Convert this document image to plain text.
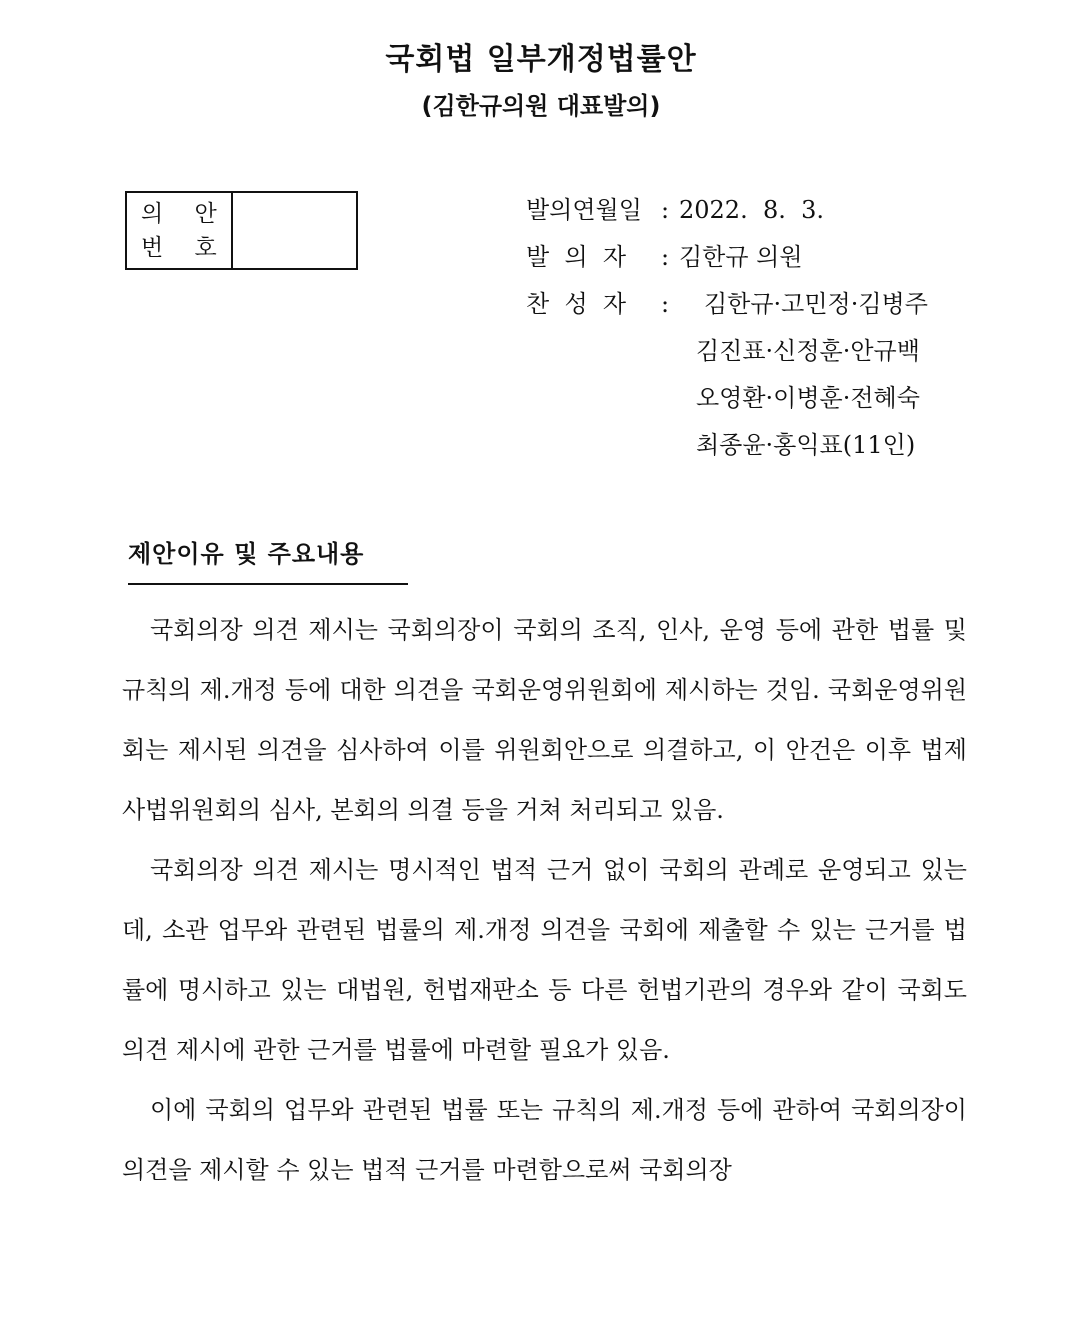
국회법 일부개정법률안
(김한규의원 대표발의)
의 안
번 호
발의연월일 : 2022.  8.  3.
발  의  자 : 김한규 의원
찬  성  자 :	김한규·고민정·김병주
김진표·신정훈·안규백
오영환·이병훈·전혜숙
최종윤·홍익표(11인)
제안이유 및 주요내용

국회의장 의견 제시는 국회의장이 국회의 조직, 인사, 운영 등에 관한 법률 및 규칙의 제.개정 등에 대한 의견을 국회운영위원회에 제시하는 것임. 국회운영위원회는 제시된 의견을 심사하여 이를 위원회안으로 의결하고, 이 안건은 이후 법제사법위원회의 심사, 본회의 의결 등을 거쳐 처리되고 있음.

국회의장 의견 제시는 명시적인 법적 근거 없이 국회의 관례로 운영되고 있는데, 소관 업무와 관련된 법률의 제.개정 의견을 국회에 제출할 수 있는 근거를 법률에 명시하고 있는 대법원, 헌법재판소 등 다른 헌법기관의 경우와 같이 국회도 의견 제시에 관한 근거를 법률에 마련할 필요가 있음.

이에 국회의 업무와 관련된 법률 또는 규칙의 제.개정 등에 관하여 국회의장이 의견을 제시할 수 있는 법적 근거를 마련함으로써 국회의장
